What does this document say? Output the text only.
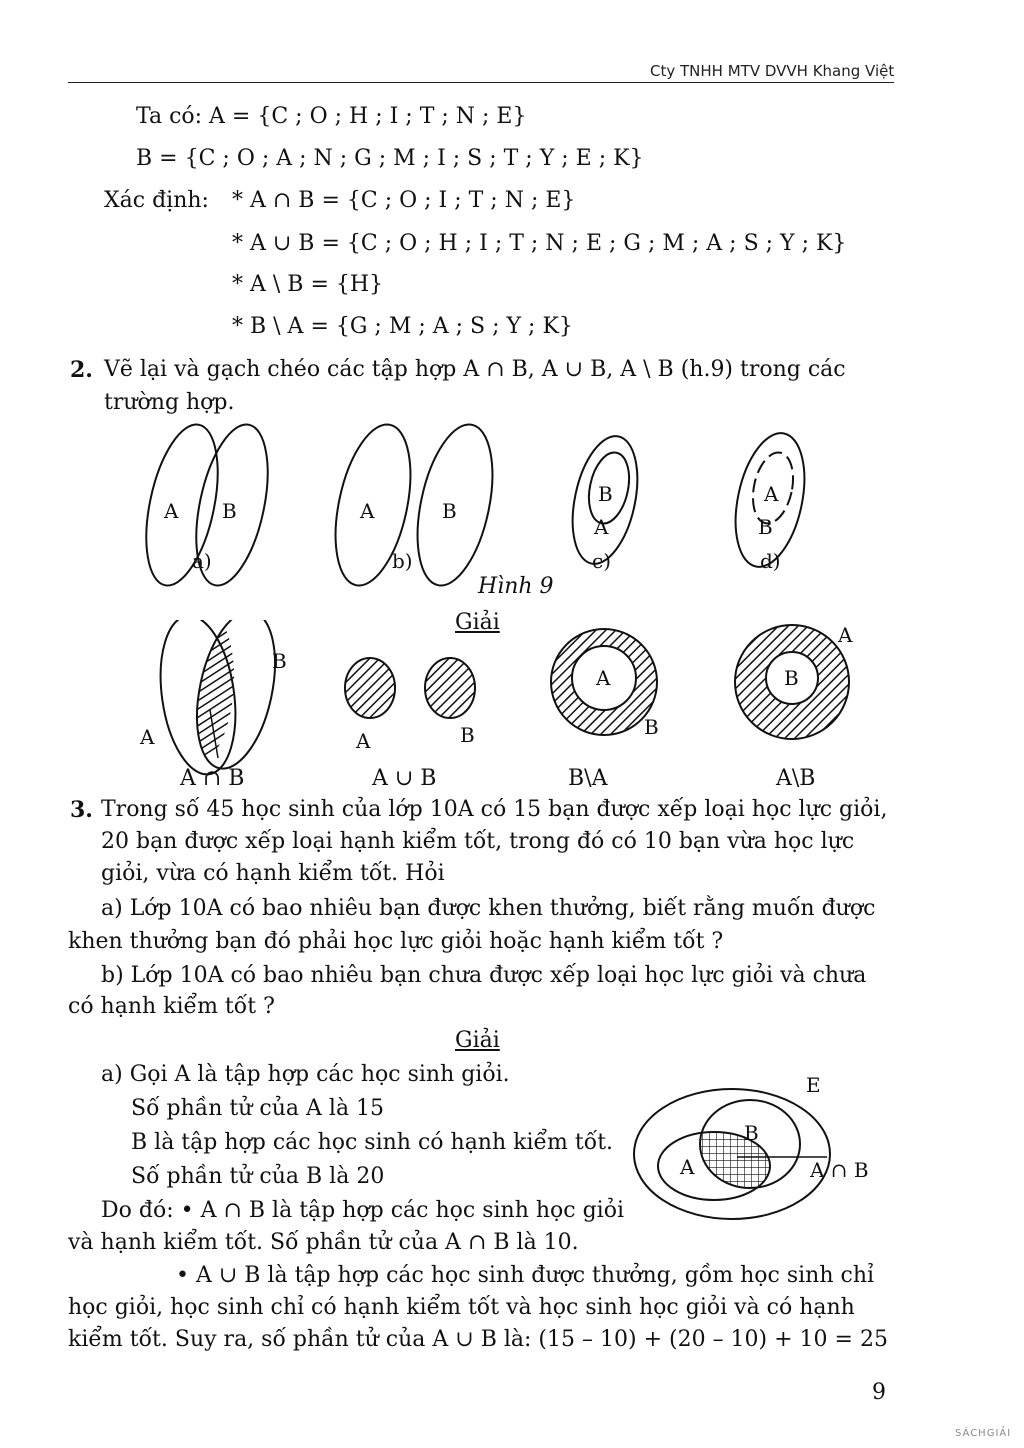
Cty TNHH MTV DVVH Khang Việt
Ta có: A = {C ; O ; H ; I ; T ; N ; E}
B = {C ; O ; A ; N ; G ; M ; I ; S ; T ; Y ; E ; K}
Xác định: * A ∩ B = {C ; O ; I ; T ; N ; E}
* A ∪ B = {C ; O ; H ; I ; T ; N ; E ; G ; M ; A ; S ; Y ; K}
* A \ B = {H}
* B \ A = {G ; M ; A ; S ; Y ; K}
2. Vẽ lại và gạch chéo các tập hợp A ∩ B, A ∪ B, A \ B (h.9) trong các
trường hợp.
A B	A	B
B
A
A
B
a)	b)	c)	d)
Hình 9
Giải
B
A	A	B
A
B
B
A
A ∩ B	A ∪ B	B\A	A\B
3. Trong số 45 học sinh của lớp 10A có 15 bạn được xếp loại học lực giỏi,
20 bạn được xếp loại hạnh kiểm tốt, trong đó có 10 bạn vừa học lực
giỏi, vừa có hạnh kiểm tốt. Hỏi
a) Lớp 10A có bao nhiêu bạn được khen thưởng, biết rằng muốn được
khen thưởng bạn đó phải học lực giỏi hoặc hạnh kiểm tốt ?
b) Lớp 10A có bao nhiêu bạn chưa được xếp loại học lực giỏi và chưa
có hạnh kiểm tốt ?
Giải
a) Gọi A là tập hợp các học sinh giỏi.
Số phần tử của A là 15
B là tập hợp các học sinh có hạnh kiểm tốt.
Số phần tử của B là 20
Do đó: • A ∩ B là tập hợp các học sinh học giỏi
và hạnh kiểm tốt. Số phần tử của A ∩ B là 10.
• A ∪ B là tập hợp các học sinh được thưởng, gồm học sinh chỉ
học giỏi, học sinh chỉ có hạnh kiểm tốt và học sinh học giỏi và có hạnh
kiểm tốt. Suy ra, số phần tử của A ∪ B là: (15 – 10) + (20 – 10) + 10 = 25
E
B
A	A ∩ B
9
SÁCHGIẢI
